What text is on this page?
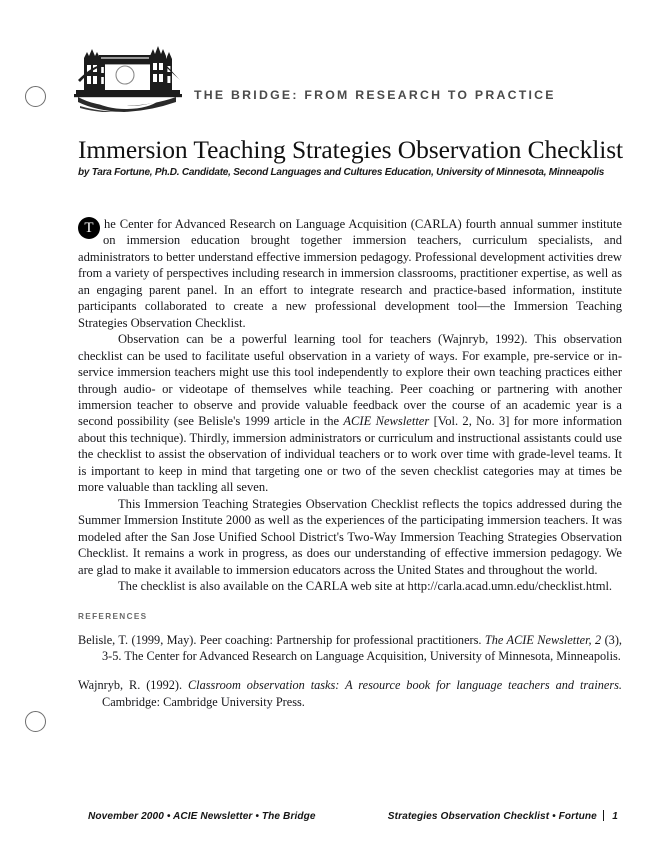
THE BRIDGE: FROM RESEARCH TO PRACTICE
Immersion Teaching Strategies Observation Checklist
by Tara Fortune, Ph.D. Candidate, Second Languages and Cultures Education, University of Minnesota, Minneapolis

T he Center for Advanced Research on Language Acquisition (CARLA) fourth annual summer institute on immersion education brought together immersion teachers, curriculum specialists, and administrators to better understand effective immersion pedagogy. Professional development activities drew from a variety of perspectives including research in immersion classrooms, practitioner expertise, as well as an engaging parent panel. In an effort to integrate research and practice-based information, institute participants collaborated to create a new professional development tool—the Immersion Teaching Strategies Observation Checklist.

Observation can be a powerful learning tool for teachers (Wajnryb, 1992). This observation checklist can be used to facilitate useful observation in a variety of ways. For example, pre-service or in-service immersion teachers might use this tool independently to explore their own teaching practices either through audio- or videotape of themselves while teaching. Peer coaching or partnering with another immersion teacher to observe and provide valuable feedback over the course of an academic year is a second possibility (see Belisle's 1999 article in the ACIE Newsletter [Vol. 2, No. 3] for more information about this technique). Thirdly, immersion administrators or curriculum and instructional assistants could use the checklist to assist the observation of individual teachers or to work over time with grade-level teams. It is important to keep in mind that targeting one or two of the seven checklist categories may at times be more valuable than tackling all seven.

This Immersion Teaching Strategies Observation Checklist reflects the topics addressed during the Summer Immersion Institute 2000 as well as the experiences of the participating immersion teachers. It was modeled after the San Jose Unified School District's Two-Way Immersion Teaching Strategies Observation Checklist. It remains a work in progress, as does our understanding of effective immersion pedagogy. We are glad to make it available to immersion educators across the United States and throughout the world.

The checklist is also available on the CARLA web site at http://carla.acad.umn.edu/checklist.html.

REFERENCES

Belisle, T. (1999, May). Peer coaching: Partnership for professional practitioners. The ACIE Newsletter, 2 (3), 3-5. The Center for Advanced Research on Language Acquisition, University of Minnesota, Minneapolis.

Wajnryb, R. (1992). Classroom observation tasks: A resource book for language teachers and trainers. Cambridge: Cambridge University Press.

November 2000 • ACIE Newsletter • The Bridge	Strategies Observation Checklist • Fortune 1
